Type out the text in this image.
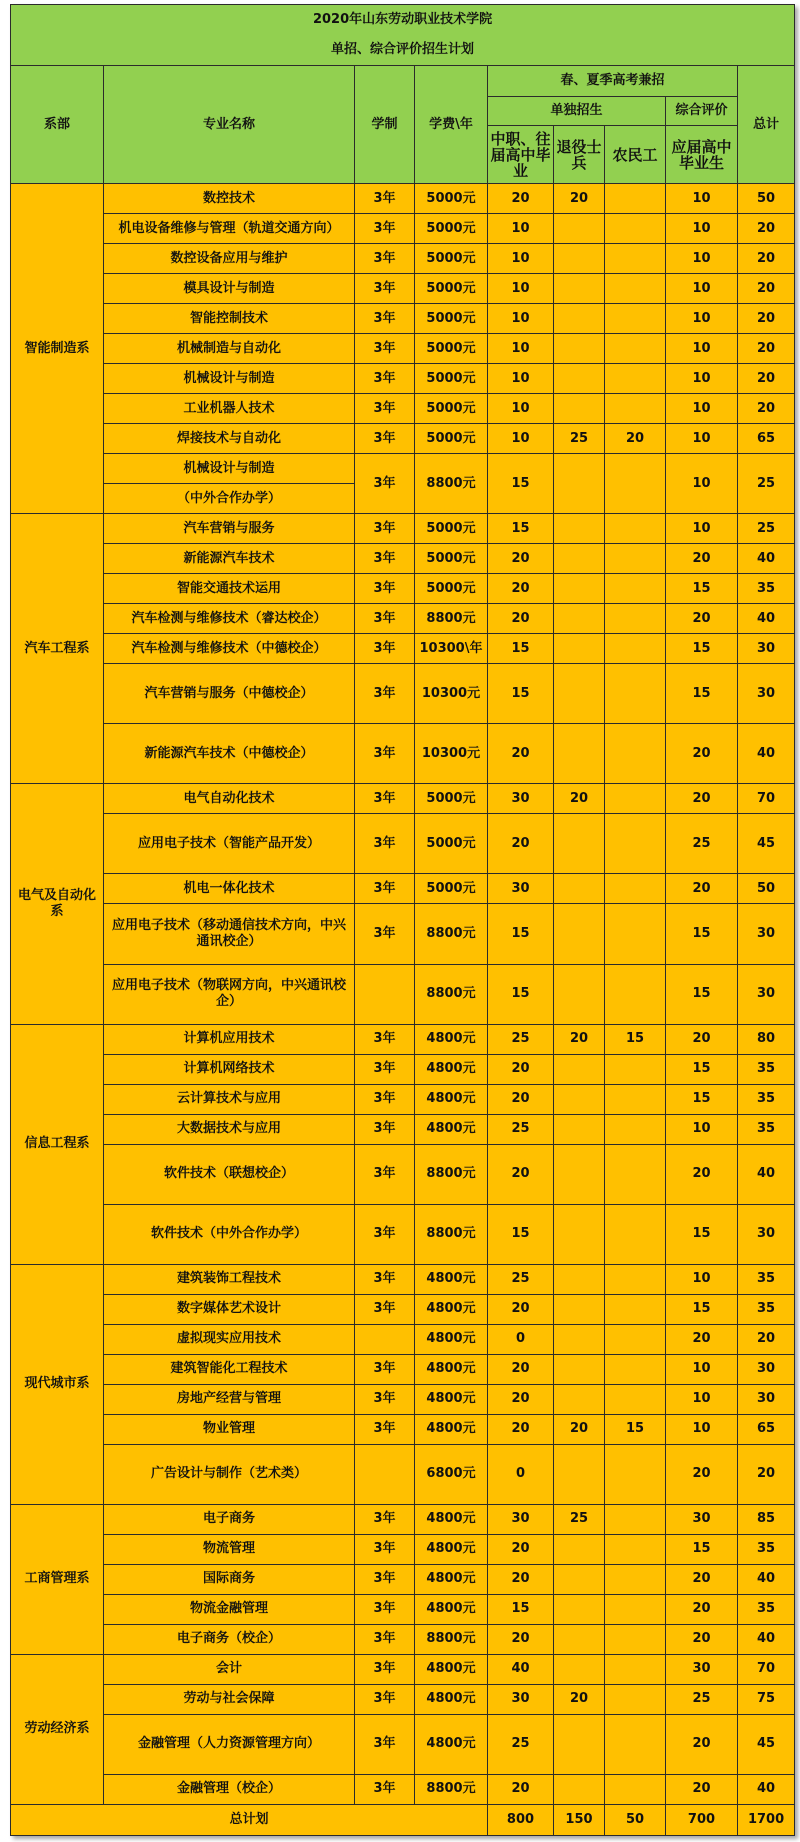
2020年山东劳动职业技术学院								
单招、综合评价招生计划								
系部	专业名称	学制	学费\年	春、夏季高考兼招				总计
				单独招生			综合评价	
				中职、往届高中毕业	退役士兵	农民工	应届高中毕业生	
智能制造系	数控技术	3年	5000元	20	20		10	50
	机电设备维修与管理（轨道交通方向）	3年	5000元	10			10	20
	数控设备应用与维护	3年	5000元	10			10	20
	模具设计与制造	3年	5000元	10			10	20
	智能控制技术	3年	5000元	10			10	20
	机械制造与自动化	3年	5000元	10			10	20
	机械设计与制造	3年	5000元	10			10	20
	工业机器人技术	3年	5000元	10			10	20
	焊接技术与自动化	3年	5000元	10	25	20	10	65
	机械设计与制造	3年	8800元	15			10	25
	（中外合作办学）							
汽车工程系	汽车营销与服务	3年	5000元	15			10	25
	新能源汽车技术	3年	5000元	20			20	40
	智能交通技术运用	3年	5000元	20			15	35
	汽车检测与维修技术（睿达校企）	3年	8800元	20			20	40
	汽车检测与维修技术（中德校企）	3年	10300\年	15			15	30
	汽车营销与服务（中德校企）	3年	10300元	15			15	30
	新能源汽车技术（中德校企）	3年	10300元	20			20	40
电气及自动化系	电气自动化技术	3年	5000元	30	20		20	70
	应用电子技术（智能产品开发）	3年	5000元	20			25	45
	机电一体化技术	3年	5000元	30			20	50
	应用电子技术（移动通信技术方向，中兴通讯校企）	3年	8800元	15			15	30
	应用电子技术（物联网方向，中兴通讯校企）		8800元	15			15	30
信息工程系	计算机应用技术	3年	4800元	25	20	15	20	80
	计算机网络技术	3年	4800元	20			15	35
	云计算技术与应用	3年	4800元	20			15	35
	大数据技术与应用	3年	4800元	25			10	35
	软件技术（联想校企）	3年	8800元	20			20	40
	软件技术（中外合作办学）	3年	8800元	15			15	30
现代城市系	建筑装饰工程技术	3年	4800元	25			10	35
	数字媒体艺术设计	3年	4800元	20			15	35
	虚拟现实应用技术		4800元	0			20	20
	建筑智能化工程技术	3年	4800元	20			10	30
	房地产经营与管理	3年	4800元	20			10	30
	物业管理	3年	4800元	20	20	15	10	65
	广告设计与制作（艺术类）		6800元	0			20	20
工商管理系	电子商务	3年	4800元	30	25		30	85
	物流管理	3年	4800元	20			15	35
	国际商务	3年	4800元	20			20	40
	物流金融管理	3年	4800元	15			20	35
	电子商务（校企）	3年	8800元	20			20	40
劳动经济系	会计	3年	4800元	40			30	70
	劳动与社会保障	3年	4800元	30	20		25	75
	金融管理（人力资源管理方向）	3年	4800元	25			20	45
	金融管理（校企）	3年	8800元	20			20	40
总计划				800	150	50	700	1700
